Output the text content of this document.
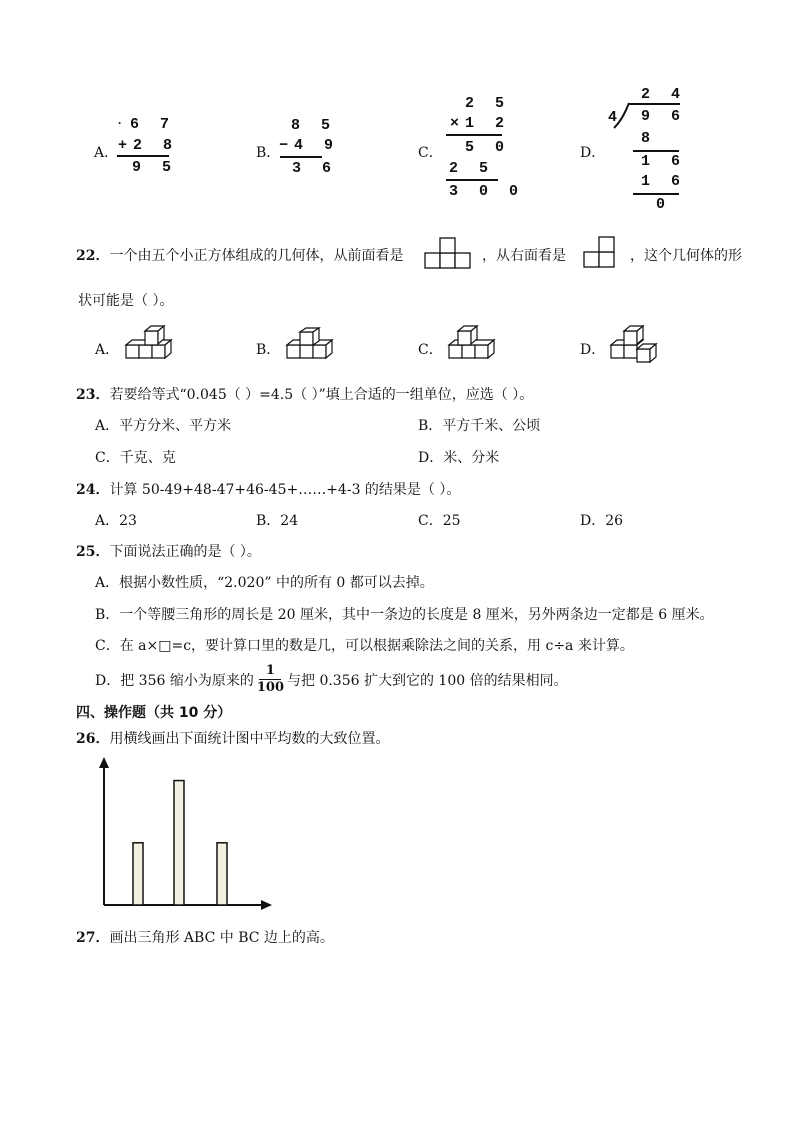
A．
. 6 7
+2 8
9 5
B．
8 5
−4 9
3 6
C．
2 5
×1 2
5 0
2 5
3 0 0
D．
2 4
4 9 6
8
1 6
1 6
0
22．一个由五个小正方体组成的几何体，从前面看是	，从右面看是	，这个几何体的形
状可能是（ ）。
A．	B．	C．	D．
23．若要给等式“0.045（ ）=4.5（ ）”填上合适的一组单位，应选（ ）。
A．平方分米、平方米	B．平方千米、公顷
C．千克、克	D．米、分米
24．计算 50-49+48-47+46-45+……+4-3 的结果是（ ）。
A．23	B．24	C．25	D．26
25．下面说法正确的是（ ）。
A．根据小数性质，“2.020” 中的所有 0 都可以去掉。
B．一个等腰三角形的周长是 20 厘米，其中一条边的长度是 8 厘米，另外两条边一定都是 6 厘米。
C．在 a×□=c，要计算口里的数是几，可以根据乘除法之间的关系，用 c÷a 来计算。
D．把 356 缩小为原来的 $\frac{1}{100}$ 与把 0.356 扩大到它的 100 倍的结果相同。
四、操作题（共 10 分）
26．用横线画出下面统计图中平均数的大致位置。
27．画出三角形 ABC 中 BC 边上的高。
